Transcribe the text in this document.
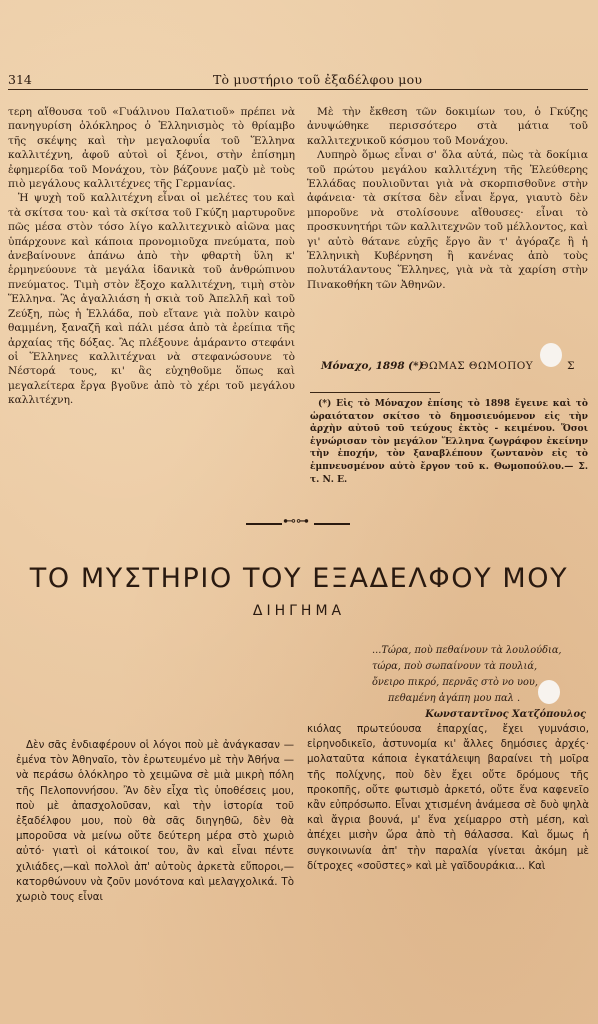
314	Τὸ μυστήριο τοῦ ἐξαδέλφου μου

τερη αἴθουσα τοῦ «Γυάλινου Παλατιοῦ» πρέπει νὰ πανηγυρίση ὁλόκληρος ὁ Ἑλληνισμὸς τὸ θρίαμβο τῆς σκέψης καὶ τὴν μεγαλοφυΐα τοῦ Ἕλληνα καλλιτέχνη, ἀφοῦ αὐτοὶ οἱ ξένοι, στὴν ἐπίσημη ἐφημερίδα τοῦ Μονάχου, τὸν βάζουνε μαζὺ μὲ τοὺς πιὸ μεγάλους καλλιτέχνες τῆς Γερμανίας.

Ἡ ψυχὴ τοῦ καλλιτέχνη εἶναι οἱ μελέτες του καὶ τὰ σκίτσα του· καὶ τὰ σκίτσα τοῦ Γκύζη μαρτυροῦνε πῶς μέσα στὸν τόσο λίγο καλλιτεχνικὸ αἰῶνα μας ὑπάρχουνε καὶ κάποια προνομιοῦχα πνεύματα, ποὺ ἀνεβαίνουνε ἀπάνω ἀπὸ τὴν φθαρτὴ ὕλη κ' ἑρμηνεύουνε τὰ μεγάλα ἰδανικὰ τοῦ ἀνθρώπινου πνεύματος. Τιμὴ στὸν ἔξοχο καλλιτέχνη, τιμὴ στὸν Ἕλληνα. Ἂς ἀγαλλιάση ἡ σκιὰ τοῦ Ἀπελλῆ καὶ τοῦ Ζεύξη, πὼς ἡ Ἑλλάδα, ποὺ εἴτανε γιὰ πολὺν καιρὸ θαμμένη, ξαναζῆ καὶ πάλι μέσα ἀπὸ τὰ ἐρείπια τῆς ἀρχαίας τῆς δόξας. Ἂς πλέξουνε ἀμάραντο στεφάνι οἱ Ἕλληνες καλλιτέχναι νὰ στεφανώσουνε τὸ Νέστορά τους, κι' ἂς εὐχηθοῦμε ὅπως καὶ μεγαλείτερα ἔργα βγοῦνε ἀπὸ τὸ χέρι τοῦ μεγάλου καλλιτέχνη.

Μὲ τὴν ἔκθεση τῶν δοκιμίων του, ὁ Γκύζης ἀνυψώθηκε περισσότερο στὰ μάτια τοῦ καλλιτεχνικοῦ κόσμου τοῦ Μονάχου.

Λυπηρὸ ὅμως εἶναι σ' ὅλα αὐτά, πὼς τὰ δοκίμια τοῦ πρώτου μεγάλου καλλιτέχνη τῆς Ἐλεύθερης Ἑλλάδας πουλιοῦνται γιὰ νὰ σκορπισθοῦνε στὴν ἀφάνεια· τὰ σκίτσα δὲν εἶναι ἔργα, γιαυτὸ δὲν μποροῦνε νὰ στολίσουνε αἴθουσες· εἶναι τὸ προσκυνητήρι τῶν καλλιτεχνῶν τοῦ μέλλοντος, καὶ γι' αὐτὸ θάτανε εὐχῆς ἔργο ἂν τ' ἀγόραζε ἢ ἡ Ἑλληνικὴ Κυβέρνηση ἢ κανένας ἀπὸ τοὺς πολυτάλαντους Ἕλληνες, γιὰ νὰ τὰ χαρίση στὴν Πινακοθήκη τῶν Ἀθηνῶν.

Μόναχο, 1898 (*)
ΘΩΜΑΣ ΘΩΜΟΠΟΥ	Σ
(*) Εἰς τὸ Μόναχον ἐπίσης τὸ 1898 ἔγεινε καὶ τὸ ὡραιότατον σκίτσο τὸ δημοσιευόμενον εἰς τὴν ἀρχὴν αὐτοῦ τοῦ τεύχους ἐκτὸς - κειμένου. Ὅσοι ἐγνώρισαν τὸν μεγάλον Ἕλληνα ζωγράφον ἐκείνην τὴν ἐποχήν, τὸν ξαναβλέπουν ζωντανὸν εἰς τὸ ἐμπνευσμένον αὐτὸ ἔργον τοῦ κ. Θωμοπούλου.— Σ. τ. Ν. Ε.
⊷⊶
ΤΟ ΜΥΣΤΗΡΙΟ ΤΟΥ ΕΞΑΔΕΛΦΟΥ ΜΟΥ
ΔΙΗΓΗΜΑ
...Τώρα, ποὺ πεθαίνουν τὰ λουλούδια,
τώρα, ποὺ σωπαίνουν τὰ πουλιά,
ὄνειρο πικρό, περνᾶς στὸ νο υου,
πεθαμένη ἀγάπη μου παλ .
Κωνσταντῖνος Χατζόπουλος

Δὲν σᾶς ἐνδιαφέρουν οἱ λόγοι ποὺ μὲ ἀνάγκασαν — ἐμένα τὸν Ἀθηναῖο, τὸν ἐρωτευμένο μὲ τὴν Ἀθήνα —νὰ περάσω ὁλόκληρο τὸ χειμῶνα σὲ μιὰ μικρὴ πόλη τῆς Πελοποννήσου. Ἂν δὲν εἶχα τὶς ὑποθέσεις μου, ποὺ μὲ ἀπασχολοῦσαν, καὶ τὴν ἱστορία τοῦ ἐξαδέλφου μου, ποὺ θὰ σᾶς διηγηθῶ, δὲν θὰ μποροῦσα νὰ μείνω οὔτε δεύτερη μέρα στὸ χωριὸ αὐτό· γιατὶ οἱ κάτοικοί του, ἂν καὶ εἶναι πέντε χιλιάδες,—καὶ πολλοὶ ἀπ' αὐτοὺς ἀρκετὰ εὔποροι,—κατορθώνουν νὰ ζοῦν μονότονα καὶ μελαγχολικά. Τὸ χωριὸ τους εἶναι

κιόλας πρωτεύουσα ἐπαρχίας, ἔχει γυμνάσιο, εἰρηνοδικεῖο, ἀστυνομία κι' ἄλλες δημόσιες ἀρχές· μολαταῦτα κάποια ἐγκατάλειψη βαραίνει τὴ μοῖρα τῆς πολίχνης, ποὺ δὲν ἔχει οὔτε δρόμους τῆς προκοπῆς, οὔτε φωτισμὸ ἀρκετό, οὔτε ἕνα καφενεῖο κἂν εὐπρόσωπο. Εἶναι χτισμένη ἀνάμεσα σὲ δυὸ ψηλὰ καὶ ἄγρια βουνά, μ' ἕνα χείμαρρο στὴ μέση, καὶ ἀπέχει μισὴν ὥρα ἀπὸ τὴ θάλασσα. Καὶ ὅμως ἡ συγκοινωνία ἀπ' τὴν παραλία γίνεται ἀκόμη μὲ δίτροχες «σοῦστες» καὶ μὲ γαϊδουράκια... Καὶ
